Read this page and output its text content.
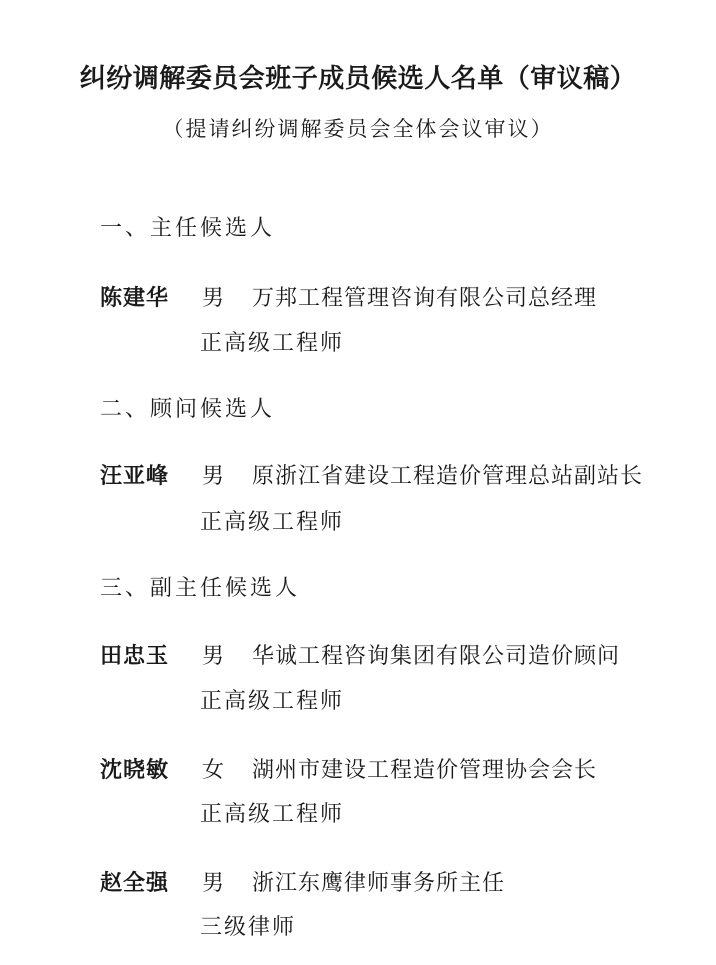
纠纷调解委员会班子成员候选人名单（审议稿）
（提请纠纷调解委员会全体会议审议）
一、主任候选人
陈建华 男 万邦工程管理咨询有限公司总经理
正高级工程师
二、顾问候选人
汪亚峰 男 原浙江省建设工程造价管理总站副站长
正高级工程师
三、副主任候选人
田忠玉 男 华诚工程咨询集团有限公司造价顾问
正高级工程师
沈晓敏 女 湖州市建设工程造价管理协会会长
正高级工程师
赵全强 男 浙江东鹰律师事务所主任
三级律师
